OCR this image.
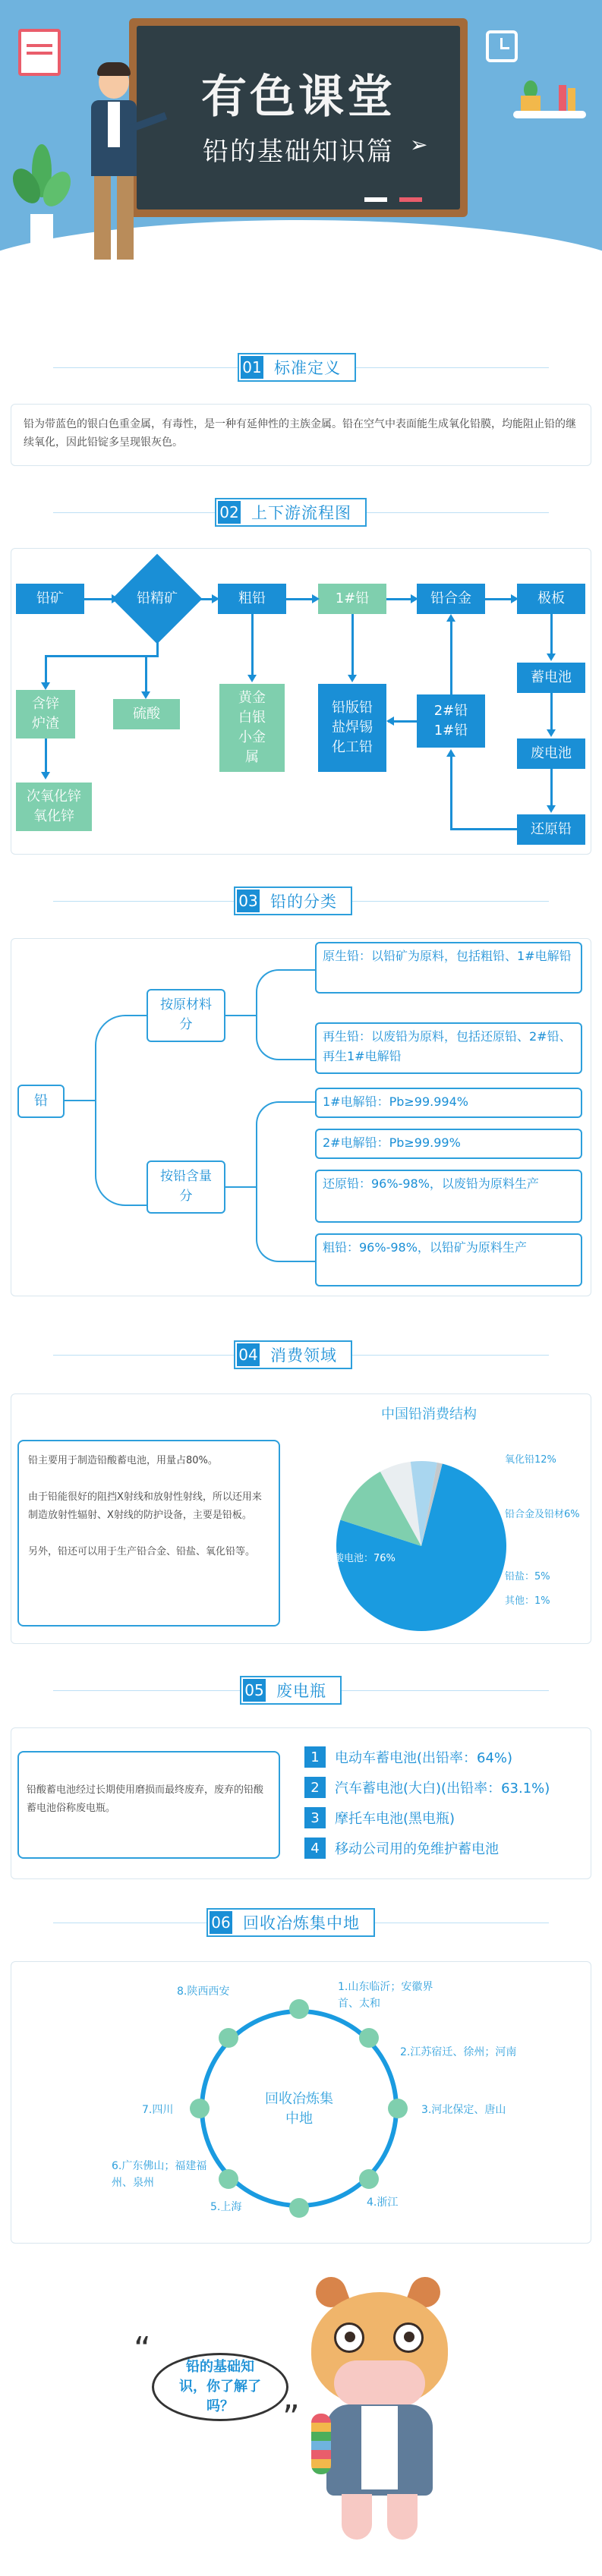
有色课堂
铅的基础知识篇 ➢
01 标准定义
铅为带蓝色的银白色重金属，有毒性，是一种有延伸性的主族金属。铅在空气中表面能生成氧化铅膜，均能阻止铅的继续氧化，因此铅锭多呈现银灰色。
02 上下游流程图
铅矿	铅精矿	粗铅	1#铅	铅合金	极板
含锌炉渣
硫酸
次氧化锌氧化锌
黄金白银小金属
铅版铅盐焊锡化工铅
2#铅1#铅
蓄电池
废电池
还原铅
03 铅的分类
铅
按原材料分
按铅含量分
原生铅：以铅矿为原料，包括粗铅、1#电解铅
再生铅：以废铅为原料，包括还原铅、2#铅、再生1#电解铅
1#电解铅：Pb≥99.994%
2#电解铅：Pb≥99.99%
还原铅：96%-98%，以废铅为原料生产
粗铅：96%-98%，以铅矿为原料生产
04 消费领域
铅主要用于制造铅酸蓄电池，用量占80%。
由于铅能很好的阻挡X射线和放射性射线，所以还用来制造放射性辐射、X射线的防护设备，主要是铅板。
另外，铅还可以用于生产铅合金、铅盐、氧化铅等。
中国铅消费结构
铅酸电池：76%
氧化铅12%
铅合金及铅材6%
铅盐：5%
其他：1%
05 废电瓶
铅酸蓄电池经过长期使用磨损而最终废弃，废弃的铅酸蓄电池俗称废电瓶。
1	电动车蓄电池(出铅率：64%)
2	汽车蓄电池(大白)(出铅率：63.1%)
3	摩托车电池(黑电瓶)
4	移动公司用的免维护蓄电池
06 回收冶炼集中地
回收冶炼集中地
1.山东临沂；安徽界首、太和
2.江苏宿迁、徐州；河南
3.河北保定、唐山
4.浙江
5.上海
6.广东佛山；福建福州、泉州
7.四川
8.陕西西安
铅的基础知识，你了解了吗？
“
”
